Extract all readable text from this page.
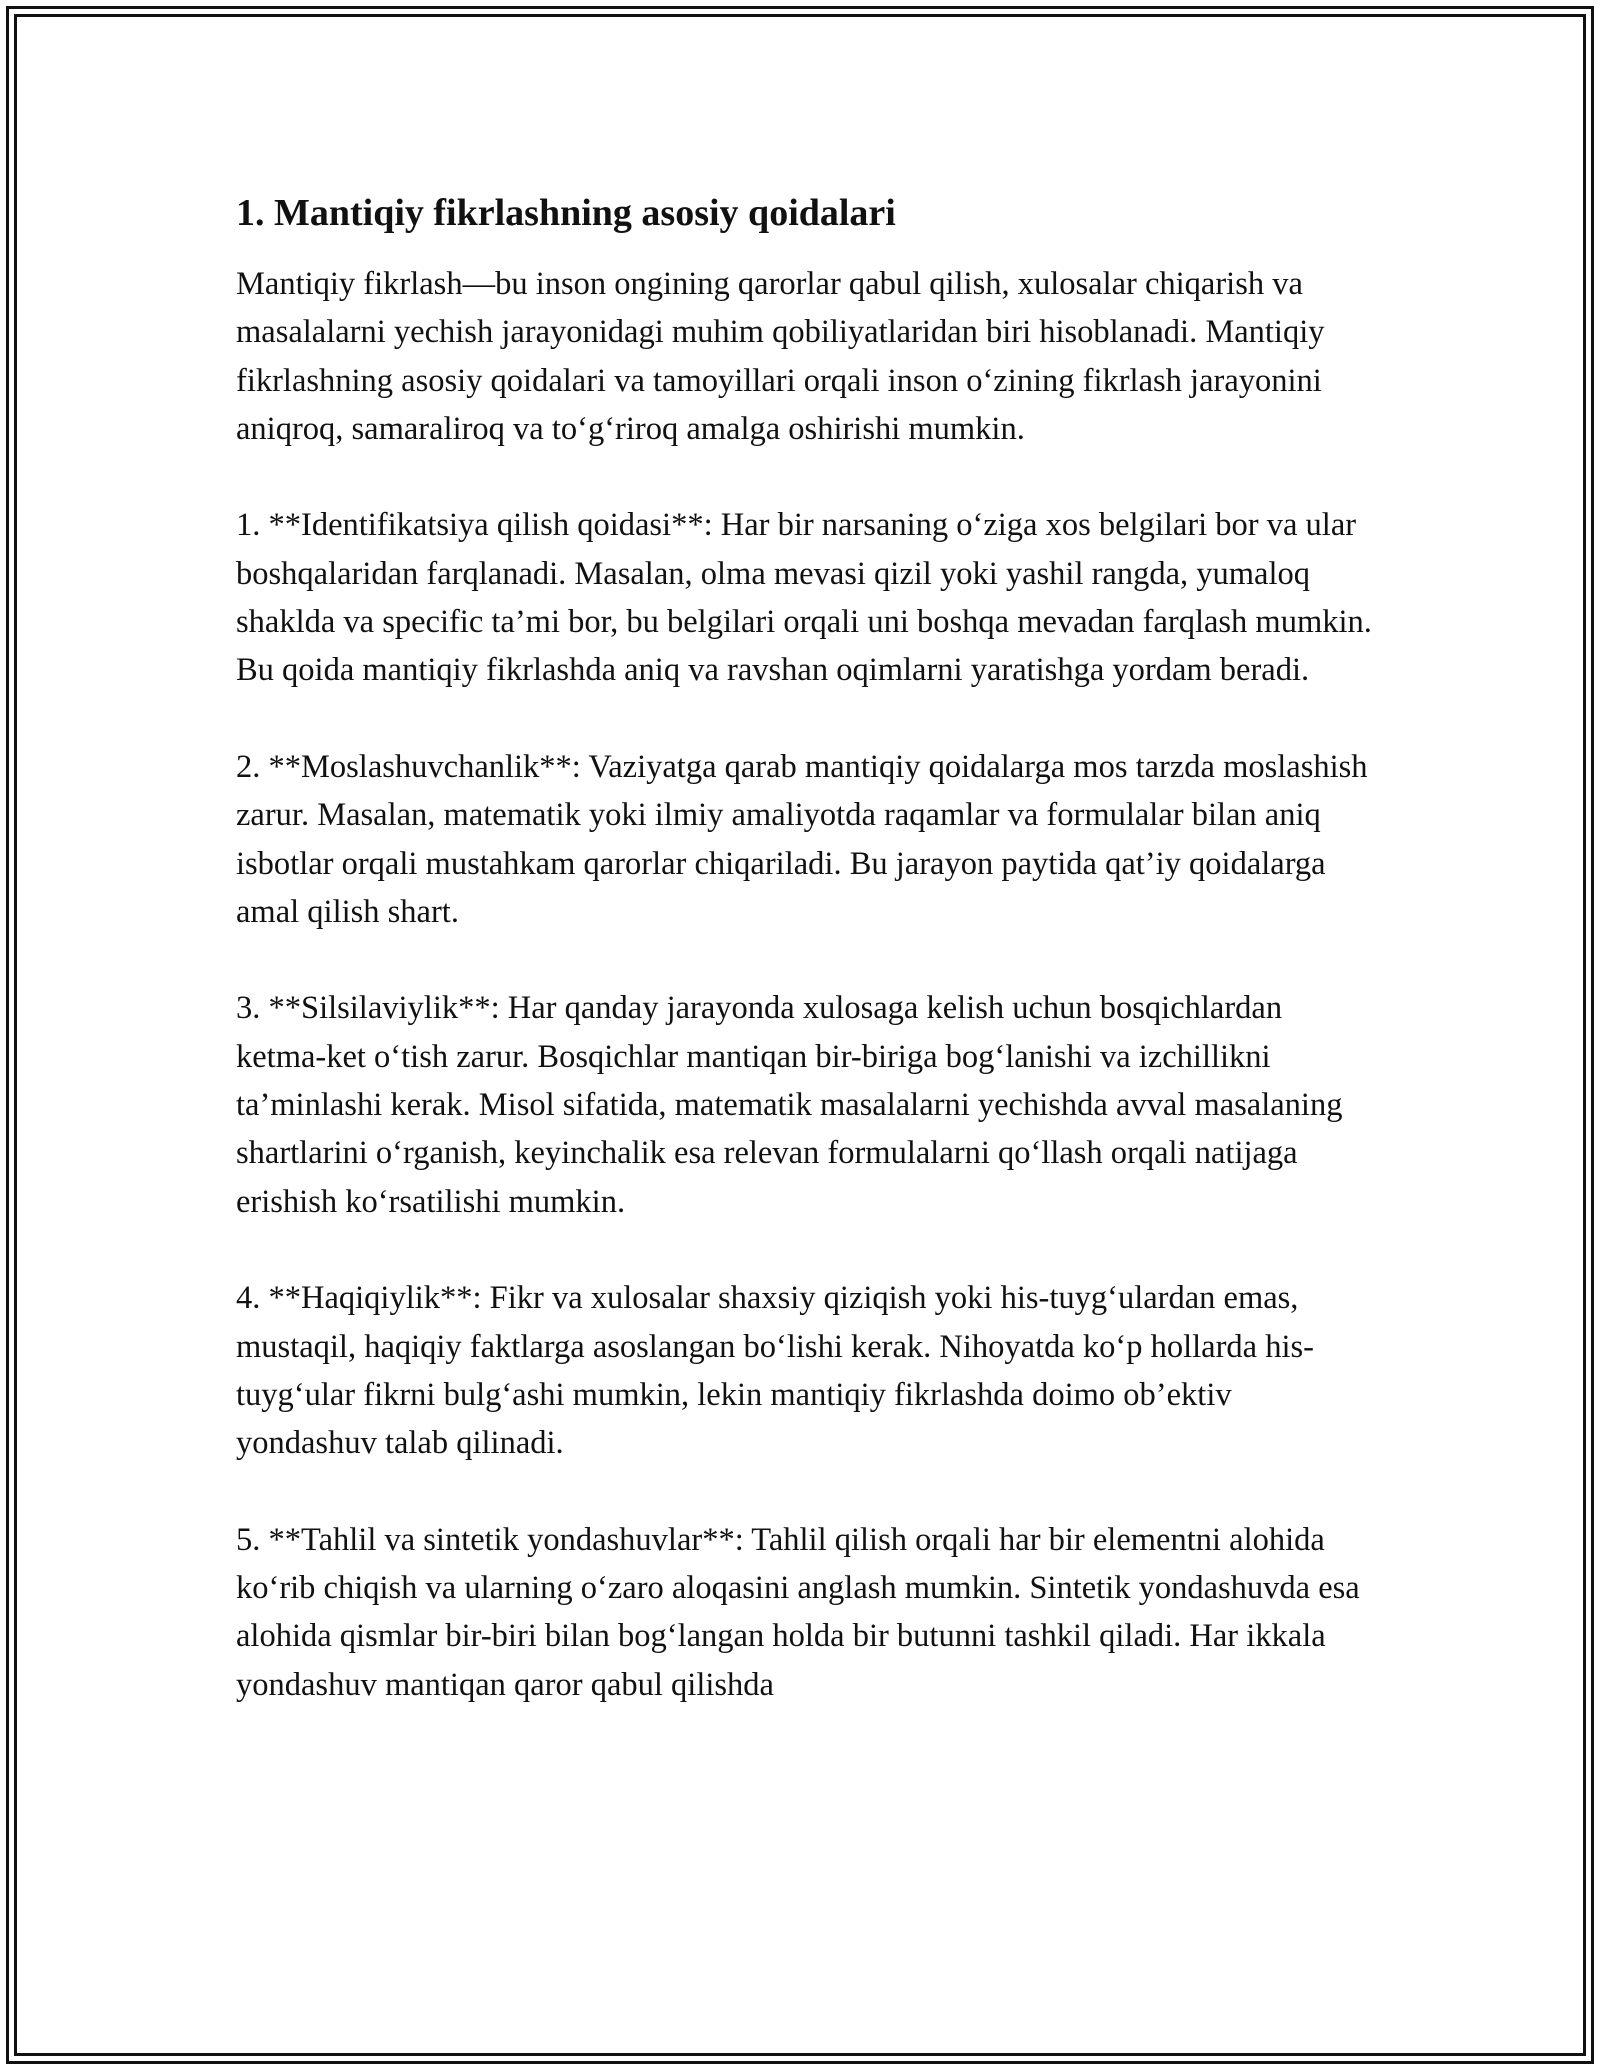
1. Mantiqiy fikrlashning asosiy qoidalari

Mantiqiy fikrlash—bu inson ongining qarorlar qabul qilish, xulosalar chiqarish va masalalarni yechish jarayonidagi muhim qobiliyatlaridan biri hisoblanadi. Mantiqiy fikrlashning asosiy qoidalari va tamoyillari orqali inson o‘zining fikrlash jarayonini aniqroq, samaraliroq va to‘g‘riroq amalga oshirishi mumkin.

1. **Identifikatsiya qilish qoidasi**: Har bir narsaning o‘ziga xos belgilari bor va ular boshqalaridan farqlanadi. Masalan, olma mevasi qizil yoki yashil rangda, yumaloq shaklda va specific ta’mi bor, bu belgilari orqali uni boshqa mevadan farqlash mumkin. Bu qoida mantiqiy fikrlashda aniq va ravshan oqimlarni yaratishga yordam beradi.

2. **Moslashuvchanlik**: Vaziyatga qarab mantiqiy qoidalarga mos tarzda moslashish zarur. Masalan, matematik yoki ilmiy amaliyotda raqamlar va formulalar bilan aniq isbotlar orqali mustahkam qarorlar chiqariladi. Bu jarayon paytida qat’iy qoidalarga amal qilish shart.

3. **Silsilaviylik**: Har qanday jarayonda xulosaga kelish uchun bosqichlardan ketma-ket o‘tish zarur. Bosqichlar mantiqan bir-biriga bog‘lanishi va izchillikni ta’minlashi kerak. Misol sifatida, matematik masalalarni yechishda avval masalaning shartlarini o‘rganish, keyinchalik esa relevan formulalarni qo‘llash orqali natijaga erishish ko‘rsatilishi mumkin.

4. **Haqiqiylik**: Fikr va xulosalar shaxsiy qiziqish yoki his-tuyg‘ulardan emas, mustaqil, haqiqiy faktlarga asoslangan bo‘lishi kerak. Nihoyatda ko‘p hollarda his-tuyg‘ular fikrni bulg‘ashi mumkin, lekin mantiqiy fikrlashda doimo ob’ektiv yondashuv talab qilinadi.

5. **Tahlil va sintetik yondashuvlar**: Tahlil qilish orqali har bir elementni alohida ko‘rib chiqish va ularning o‘zaro aloqasini anglash mumkin. Sintetik yondashuvda esa alohida qismlar bir-biri bilan bog‘langan holda bir butunni tashkil qiladi. Har ikkala yondashuv mantiqan qaror qabul qilishda
